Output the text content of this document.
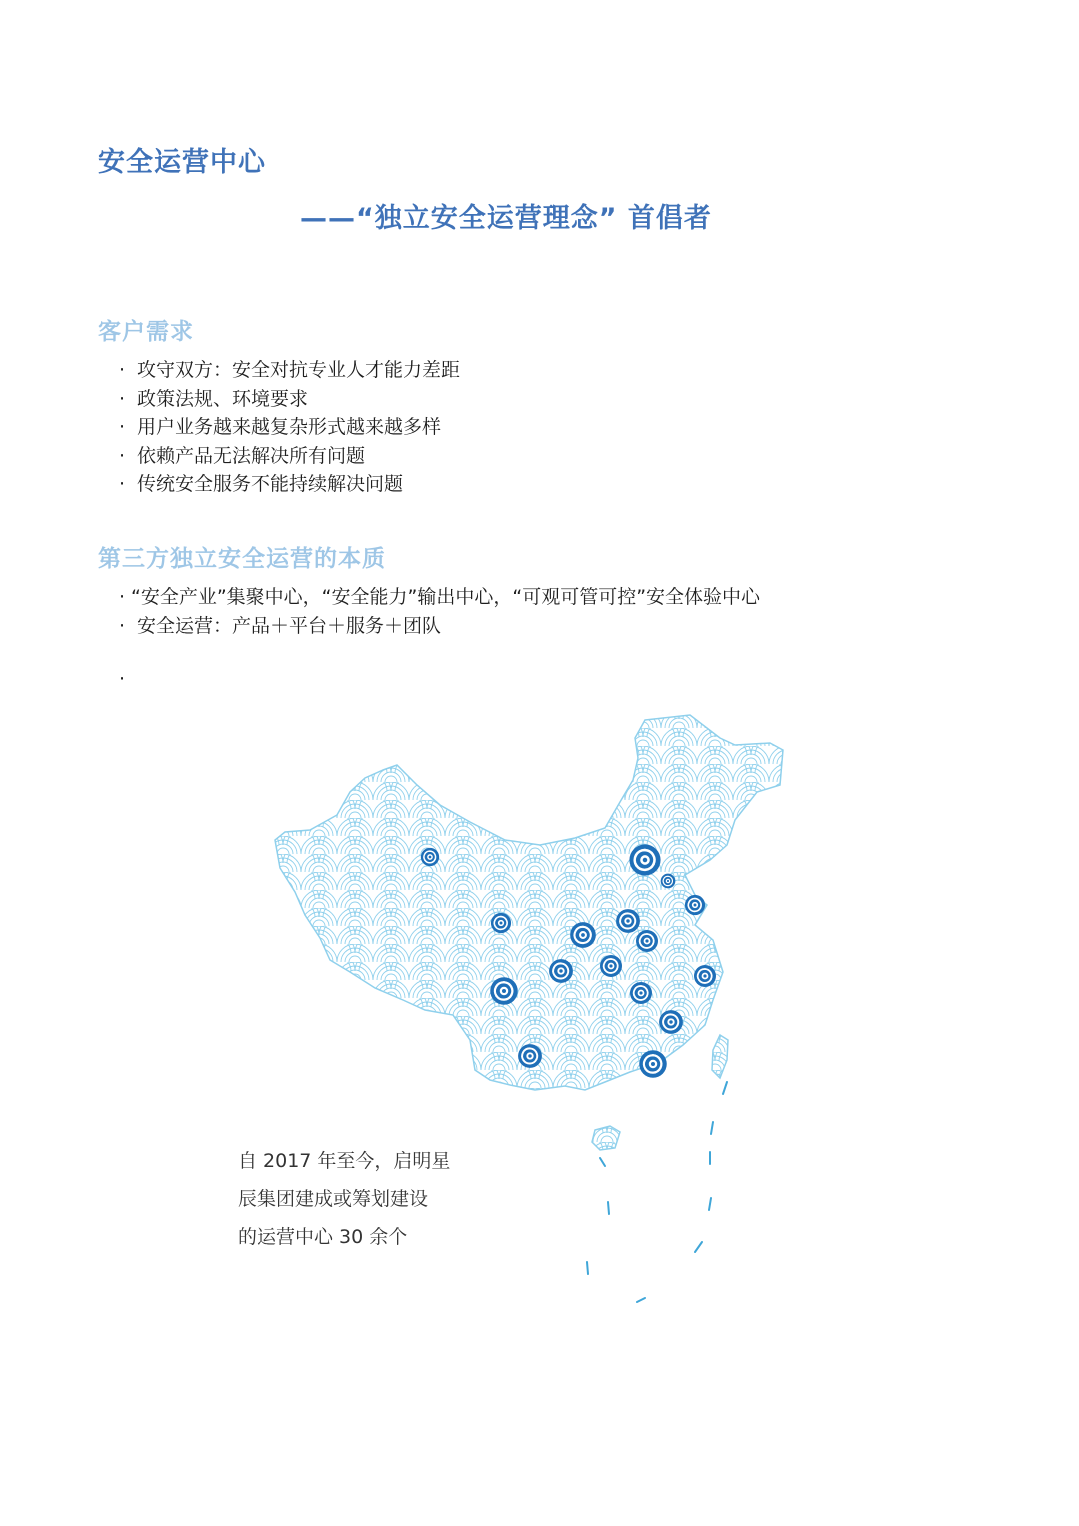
安全运营中心
——“独立安全运营理念” 首倡者
客户需求
· 攻守双方：安全对抗专业人才能力差距
· 政策法规、环境要求
· 用户业务越来越复杂形式越来越多样
· 依赖产品无法解决所有问题
· 传统安全服务不能持续解决问题
第三方独立安全运营的本质
· “安全产业”集聚中心，“安全能力”输出中心，“可观可管可控”安全体验中心
· 安全运营：产品＋平台＋服务＋团队
·
自 2017 年至今，启明星
辰集团建成或筹划建设
的运营中心 30 余个
